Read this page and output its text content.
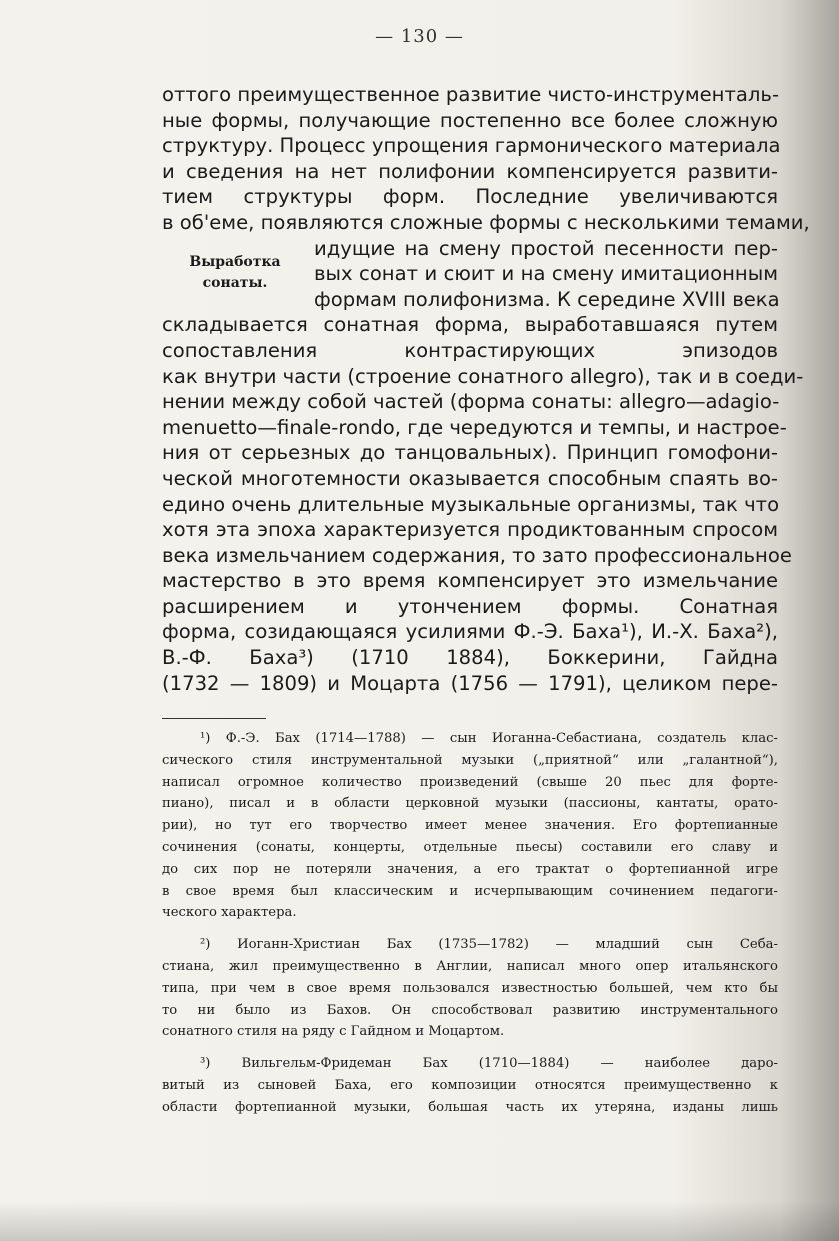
— 130 —
Выработка
сонаты.
оттого преимущественное развитие чисто-инструменталь-
ные формы, получающие постепенно все более сложную
структуру. Процесс упрощения гармонического материала
и сведения на нет полифонии компенсируется развити-
тием структуры форм. Последние увеличиваются
в об'еме, появляются сложные формы с несколькими темами,
идущие на смену простой песенности пер-
вых сонат и сюит и на смену имитационным
формам полифонизма. К середине XVIII века
складывается сонатная форма, выработавшаяся путем
сопоставления контрастирующих эпизодов
как внутри части (строение сонатного allegro), так и в соеди-
нении между собой частей (форма сонаты: allegro—adagio-
menuetto—finale-rondo, где чередуются и темпы, и настрое-
ния от серьезных до танцовальных). Принцип гомофони-
ческой многотемности оказывается способным спаять во-
едино очень длительные музыкальные организмы, так что
хотя эта эпоха характеризуется продиктованным спросом
века измельчанием содержания, то зато профессиональное
мастерство в это время компенсирует это измельчание
расширением и утончением формы. Сонатная
форма, созидающаяся усилиями Ф.-Э. Баха¹), И.-Х. Баха²),
В.-Ф. Баха³) (1710 1884), Боккерини, Гайдна
(1732 — 1809) и Моцарта (1756 — 1791), целиком пере-
¹) Ф.-Э. Бах (1714—1788) — сын Иоганна-Себастиана, создатель клас-
сического стиля инструментальной музыки („приятной“ или „галантной“),
написал огромное количество произведений (свыше 20 пьес для форте-
пиано), писал и в области церковной музыки (пассионы, кантаты, орато-
рии), но тут его творчество имеет менее значения. Его фортепианные
сочинения (сонаты, концерты, отдельные пьесы) составили его славу и
до сих пор не потеряли значения, а его трактат о фортепианной игре
в свое время был классическим и исчерпывающим сочинением педагоги-
ческого характера.
²) Иоганн-Христиан Бах (1735—1782) — младший сын Себа-
стиана, жил преимущественно в Англии, написал много опер итальянского
типа, при чем в свое время пользовался известностью большей, чем кто бы
то ни было из Бахов. Он способствовал развитию инструментального
сонатного стиля на ряду с Гайдном и Моцартом.
³) Вильгельм-Фридеман Бах (1710—1884) — наиболее даро-
витый из сыновей Баха, его композиции относятся преимущественно к
области фортепианной музыки, большая часть их утеряна, изданы лишь
